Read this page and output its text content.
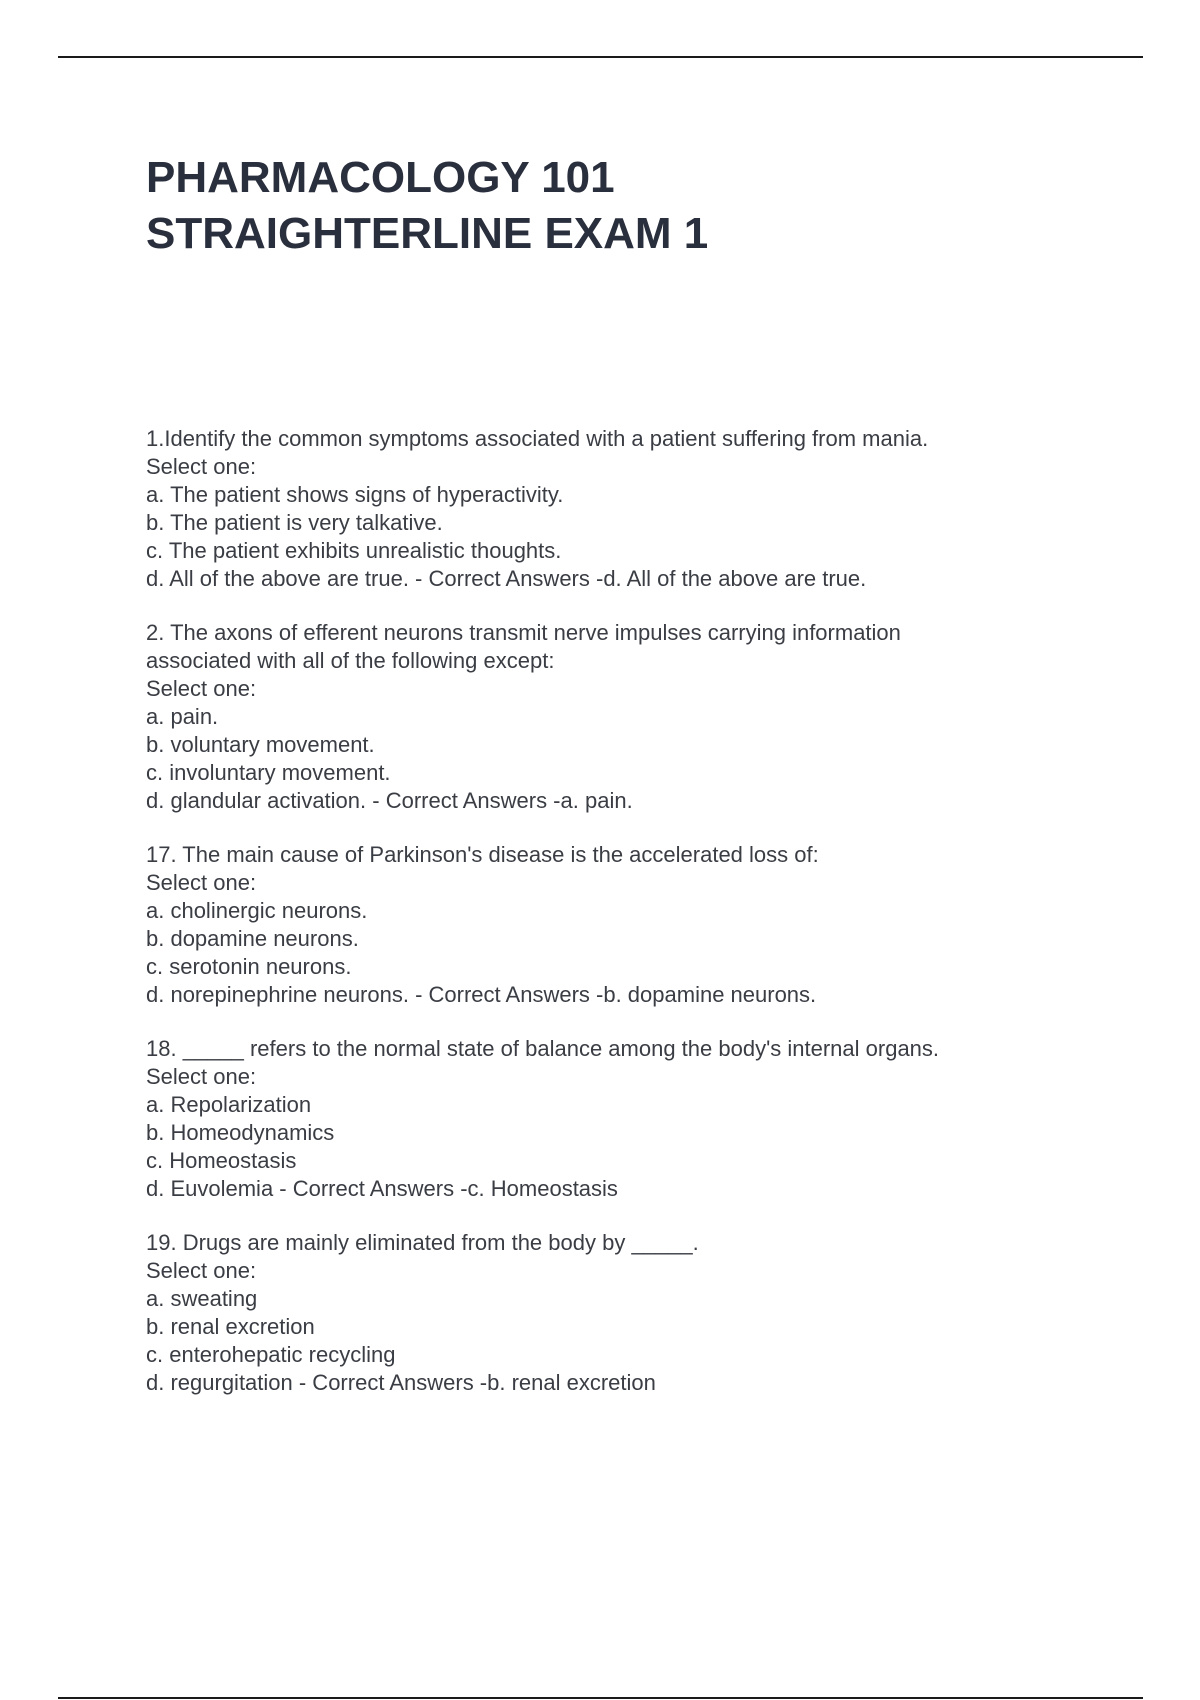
PHARMACOLOGY 101
STRAIGHTERLINE EXAM 1
1.Identify the common symptoms associated with a patient suffering from mania.
Select one:
a. The patient shows signs of hyperactivity.
b. The patient is very talkative.
c. The patient exhibits unrealistic thoughts.
d. All of the above are true. - Correct Answers -d. All of the above are true.
2. The axons of efferent neurons transmit nerve impulses carrying information
associated with all of the following except:
Select one:
a. pain.
b. voluntary movement.
c. involuntary movement.
d. glandular activation. - Correct Answers -a. pain.
17. The main cause of Parkinson's disease is the accelerated loss of:
Select one:
a. cholinergic neurons.
b. dopamine neurons.
c. serotonin neurons.
d. norepinephrine neurons. - Correct Answers -b. dopamine neurons.
18. _____ refers to the normal state of balance among the body's internal organs.
Select one:
a. Repolarization
b. Homeodynamics
c. Homeostasis
d. Euvolemia - Correct Answers -c. Homeostasis
19. Drugs are mainly eliminated from the body by _____.
Select one:
a. sweating
b. renal excretion
c. enterohepatic recycling
d. regurgitation - Correct Answers -b. renal excretion
